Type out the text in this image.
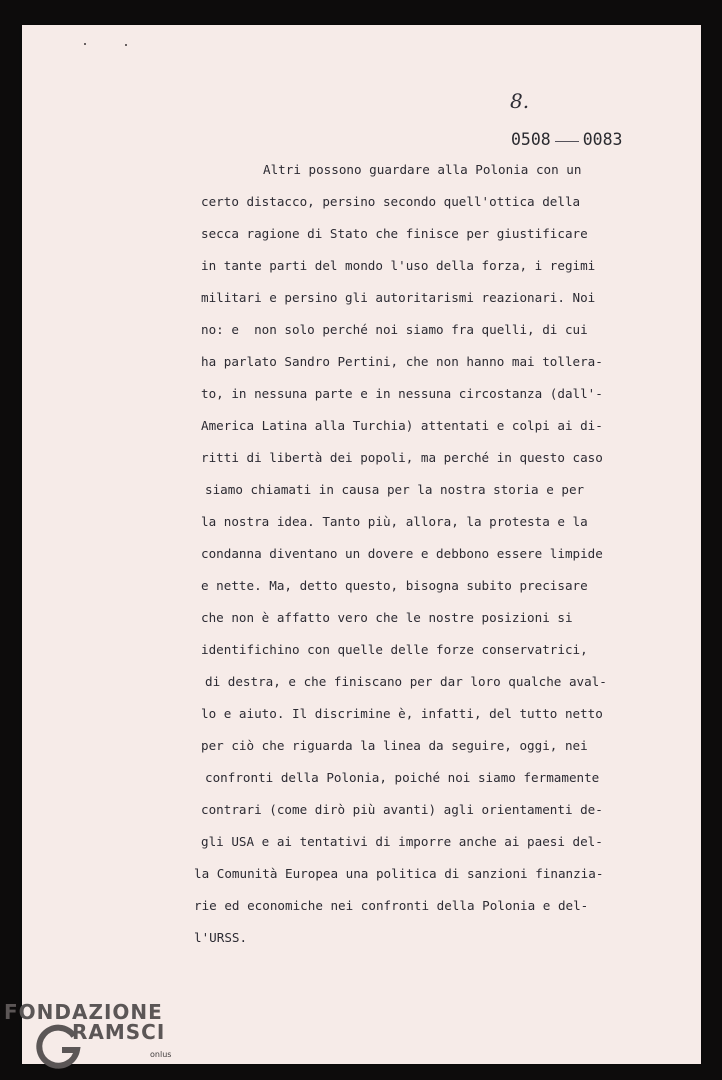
8.

0508 0083

Altri possono guardare alla Polonia con un
certo distacco, persino secondo quell'ottica della
secca ragione di Stato che finisce per giustificare
in tante parti del mondo l'uso della forza, i regimi
militari e persino gli autoritarismi reazionari. Noi
no: e  non solo perché noi siamo fra quelli, di cui
ha parlato Sandro Pertini, che non hanno mai tollera-
to, in nessuna parte e in nessuna circostanza (dall'-
America Latina alla Turchia) attentati e colpi ai di-
ritti di libertà dei popoli, ma perché in questo caso
siamo chiamati in causa per la nostra storia e per
la nostra idea. Tanto più, allora, la protesta e la
condanna diventano un dovere e debbono essere limpide
e nette. Ma, detto questo, bisogna subito precisare
che non è affatto vero che le nostre posizioni si
identifichino con quelle delle forze conservatrici,
di destra, e che finiscano per dar loro qualche aval-
lo e aiuto. Il discrimine è, infatti, del tutto netto
per ciò che riguarda la linea da seguire, oggi, nei
confronti della Polonia, poiché noi siamo fermamente
contrari (come dirò più avanti) agli orientamenti de-
gli USA e ai tentativi di imporre anche ai paesi del-
la Comunità Europea una politica di sanzioni finanzia-
rie ed economiche nei confronti della Polonia e del-
l'URSS.
FONDAZIONE
RAMSCI
onlus
